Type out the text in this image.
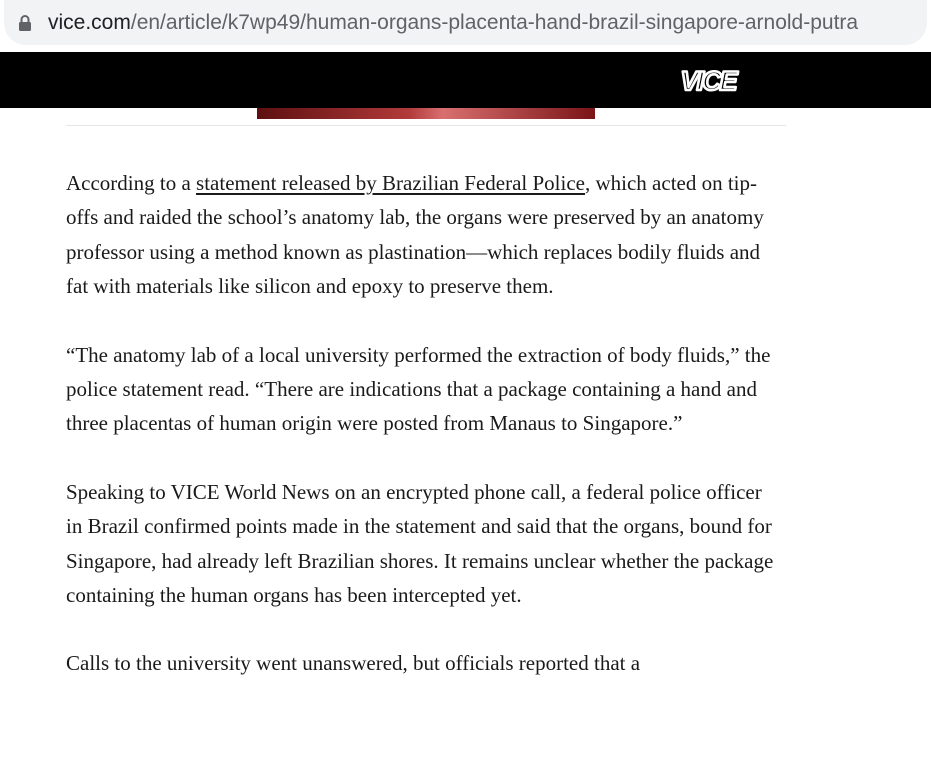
vice.com/en/article/k7wp49/human-organs-placenta-hand-brazil-singapore-arnold-putra
VICE

According to a statement released by Brazilian Federal Police, which acted on tip-offs and raided the school’s anatomy lab, the organs were preserved by an anatomy professor using a method known as plastination—which replaces bodily fluids and fat with materials like silicon and epoxy to preserve them.

“The anatomy lab of a local university performed the extraction of body fluids,” the police statement read. “There are indications that a package containing a hand and three placentas of human origin were posted from Manaus to Singapore.”

Speaking to VICE World News on an encrypted phone call, a federal police officer in Brazil confirmed points made in the statement and said that the organs, bound for Singapore, had already left Brazilian shores. It remains unclear whether the package containing the human organs has been intercepted yet.

Calls to the university went unanswered, but officials reported that a
